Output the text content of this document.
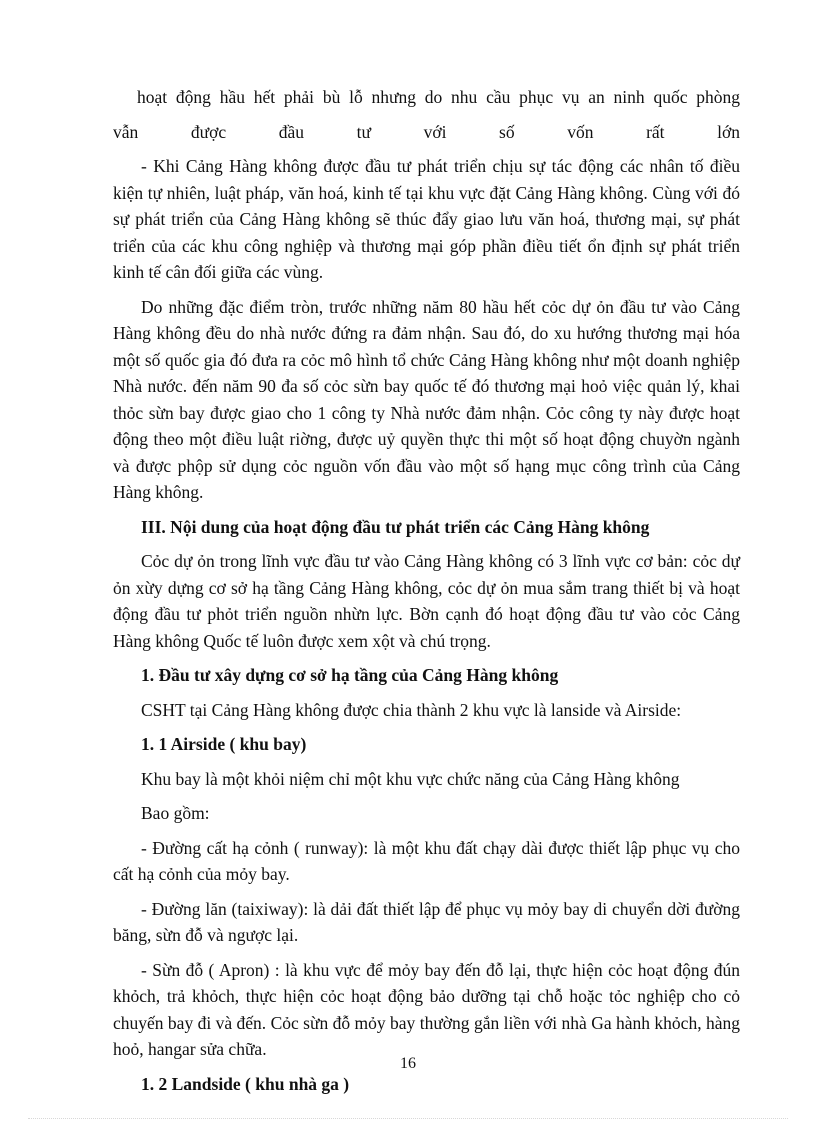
hoạt động hầu hết phải bù lỗ nhưng do nhu cầu phục vụ an ninh quốc phòng

vẫn được đầu tư với số vốn rất lớn

- Khi Cảng Hàng không được đầu tư phát triển chịu sự tác động các nhân tố điều kiện tự nhiên, luật pháp, văn hoá, kinh tế tại khu vực đặt Cảng Hàng không. Cùng với đó sự phát triển của Cảng Hàng không sẽ thúc đẩy giao lưu văn hoá, thương mại, sự phát triển của các khu công nghiệp và thương mại góp phần điều tiết ổn định sự phát triển kinh tế cân đối giữa các vùng.

Do những đặc điểm tròn, trước những năm 80 hầu hết cỏc dự ỏn đầu tư vào Cảng Hàng không đều do nhà nước đứng ra đảm nhận. Sau đó, do xu hướng thương mại hóa một số quốc gia đó đưa ra cỏc mô hình tổ chức Cảng Hàng không như một doanh nghiệp Nhà nước. đến năm 90 đa số cỏc sừn bay quốc tế đó thương mại hoỏ việc quản lý, khai thỏc sừn bay được giao cho 1 công ty Nhà nước đảm nhận. Cỏc công ty này được hoạt động theo một điều luật riờng, được uỷ quyền thực thi một số hoạt động chuyờn ngành và được phộp sử dụng cỏc nguồn vốn đầu vào một số hạng mục công trình của Cảng Hàng không.

III. Nội dung của hoạt động đầu tư phát triển các Cảng Hàng không

Cỏc dự ỏn trong lĩnh vực đầu tư vào Cảng Hàng không có 3 lĩnh vực cơ bản: cỏc dự ỏn xừy dựng cơ sở hạ tầng Cảng Hàng không, cỏc dự ỏn mua sắm trang thiết bị và hoạt động đầu tư phỏt triển nguồn nhừn lực. Bờn cạnh đó hoạt động đầu tư vào cỏc Cảng Hàng không Quốc tế luôn được xem xột và chú trọng.

1. Đầu tư xây dựng cơ sở hạ tầng của Cảng Hàng không

CSHT tại Cảng Hàng không được chia thành 2 khu vực là lanside và Airside:

1. 1 Airside ( khu bay)

Khu bay là một khỏi niệm chỉ một khu vực chức năng của Cảng Hàng không

Bao gồm:

- Đường cất hạ cỏnh ( runway): là một khu đất chạy dài được thiết lập phục vụ cho cất hạ cỏnh của mỏy bay.

- Đường lăn (taixiway): là dải đất thiết lập để phục vụ mỏy bay di chuyển dời đường băng, sừn đỗ và ngược lại.

- Sừn đỗ ( Apron) : là khu vực để mỏy bay đến đỗ lại, thực hiện cỏc hoạt động đún khỏch, trả khỏch, thực hiện cỏc hoạt động bảo dưỡng tại chỗ hoặc tỏc nghiệp cho cỏ chuyến bay đi và đến. Cỏc sừn đỗ mỏy bay thường gắn liền với nhà Ga hành khỏch, hàng hoỏ, hangar sửa chữa.

1. 2 Landside ( khu nhà ga )

16
